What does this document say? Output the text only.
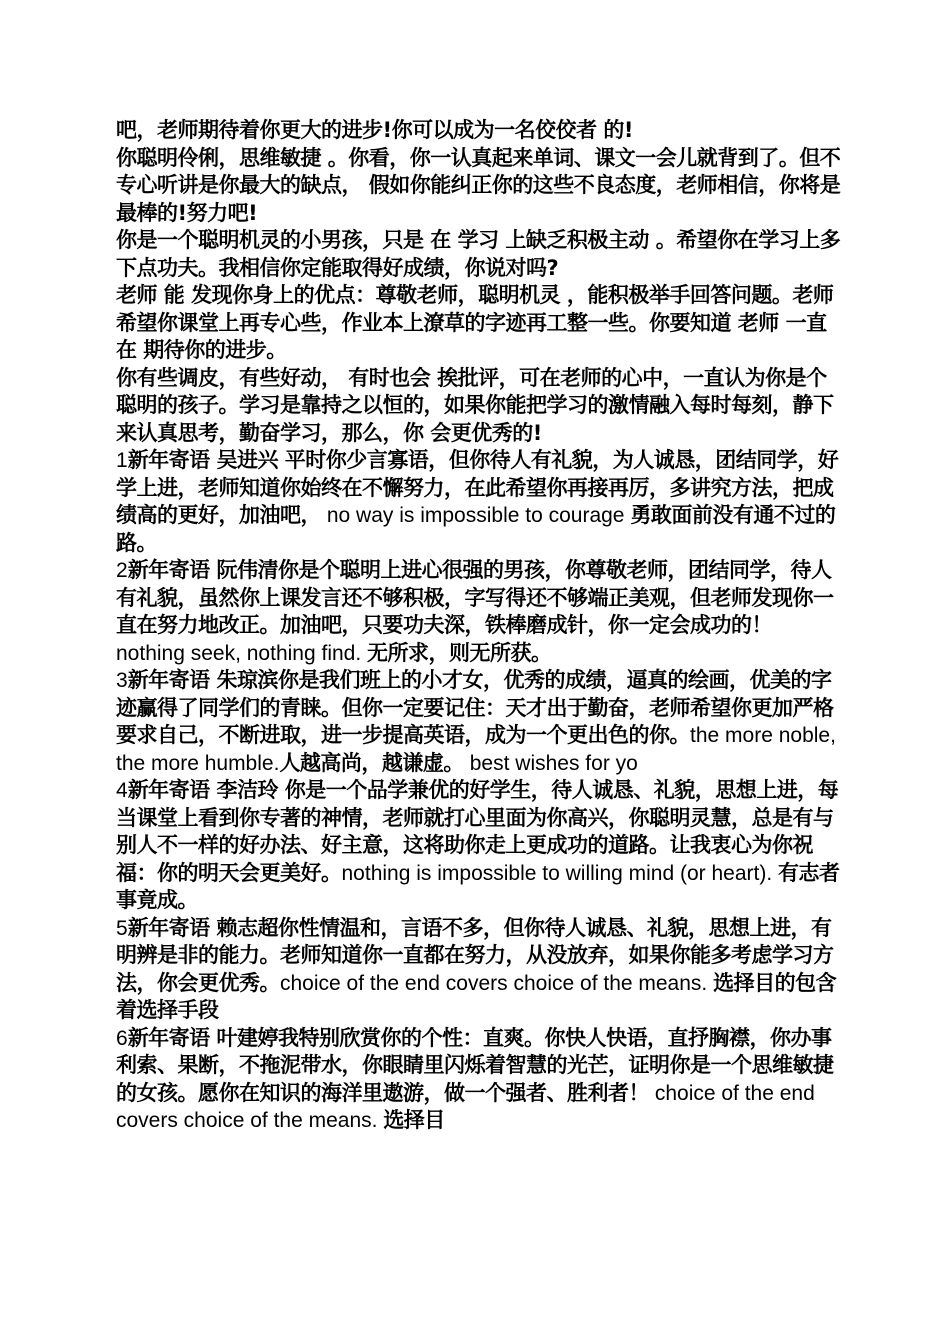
吧，老师期待着你更大的进步!你可以成为一名佼佼者 的!

你聪明伶俐，思维敏捷 。你看，你一认真起来单词、课文一会儿就背到了。但不专心听讲是你最大的缺点， 假如你能纠正你的这些不良态度，老师相信，你将是最棒的!努力吧!

你是一个聪明机灵的小男孩，只是 在 学习 上缺乏积极主动 。希望你在学习上多下点功夫。我相信你定能取得好成绩，你说对吗?

老师 能 发现你身上的优点：尊敬老师，聪明机灵 ，能积极举手回答问题。老师希望你课堂上再专心些，作业本上潦草的字迹再工整一些。你要知道 老师 一直在 期待你的进步。

你有些调皮，有些好动， 有时也会 挨批评，可在老师的心中，一直认为你是个聪明的孩子。学习是靠持之以恒的，如果你能把学习的激情融入每时每刻，静下来认真思考，勤奋学习，那么，你 会更优秀的!

1新年寄语 吴进兴 平时你少言寡语，但你待人有礼貌，为人诚恳，团结同学，好学上进，老师知道你始终在不懈努力，在此希望你再接再厉，多讲究方法，把成绩高的更好，加油吧， no way is impossible to courage 勇敢面前没有通不过的路。

2新年寄语 阮伟清你是个聪明上进心很强的男孩，你尊敬老师，团结同学，待人有礼貌，虽然你上课发言还不够积极，字写得还不够端正美观，但老师发现你一直在努力地改正。加油吧，只要功夫深，铁棒磨成针，你一定会成功的！ nothing seek, nothing find. 无所求，则无所获。

3新年寄语 朱琼滨你是我们班上的小才女，优秀的成绩，逼真的绘画，优美的字迹赢得了同学们的青睐。但你一定要记住：天才出于勤奋，老师希望你更加严格要求自己，不断进取，进一步提高英语，成为一个更出色的你。the more noble, the more humble.人越高尚，越谦虚。 best wishes for yo

4新年寄语 李洁玲 你是一个品学兼优的好学生，待人诚恳、礼貌，思想上进，每当课堂上看到你专著的神情，老师就打心里面为你高兴，你聪明灵慧，总是有与别人不一样的好办法、好主意，这将助你走上更成功的道路。让我衷心为你祝福：你的明天会更美好。nothing is impossible to willing mind (or heart). 有志者事竟成。

5新年寄语 赖志超你性情温和，言语不多，但你待人诚恳、礼貌，思想上进，有明辨是非的能力。老师知道你一直都在努力，从没放弃，如果你能多考虑学习方法，你会更优秀。choice of the end covers choice of the means. 选择目的包含着选择手段

6新年寄语 叶建婷我特别欣赏你的个性：直爽。你快人快语，直抒胸襟，你办事利索、果断，不拖泥带水，你眼睛里闪烁着智慧的光芒，证明你是一个思维敏捷的女孩。愿你在知识的海洋里遨游，做一个强者、胜利者！ choice of the end covers choice of the means. 选择目
